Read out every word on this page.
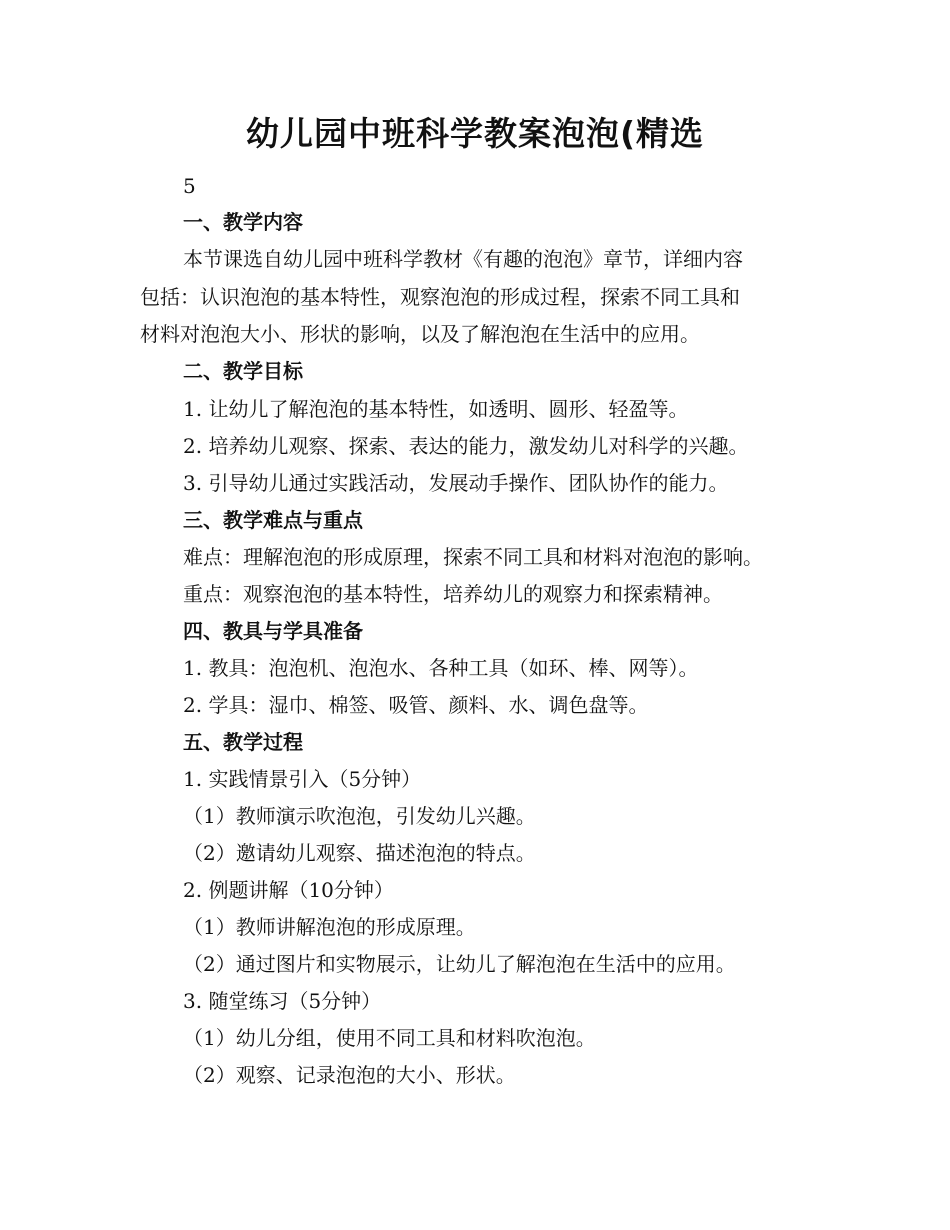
幼儿园中班科学教案泡泡(精选
5
一、教学内容
本节课选自幼儿园中班科学教材《有趣的泡泡》章节，详细内容
包括：认识泡泡的基本特性，观察泡泡的形成过程，探索不同工具和
材料对泡泡大小、形状的影响，以及了解泡泡在生活中的应用。
二、教学目标
1. 让幼儿了解泡泡的基本特性，如透明、圆形、轻盈等。
2. 培养幼儿观察、探索、表达的能力，激发幼儿对科学的兴趣。
3. 引导幼儿通过实践活动，发展动手操作、团队协作的能力。
三、教学难点与重点
难点：理解泡泡的形成原理，探索不同工具和材料对泡泡的影响。
重点：观察泡泡的基本特性，培养幼儿的观察力和探索精神。
四、教具与学具准备
1. 教具：泡泡机、泡泡水、各种工具（如环、棒、网等）。
2. 学具：湿巾、棉签、吸管、颜料、水、调色盘等。
五、教学过程
1. 实践情景引入（5分钟）
（1）教师演示吹泡泡，引发幼儿兴趣。
（2）邀请幼儿观察、描述泡泡的特点。
2. 例题讲解（10分钟）
（1）教师讲解泡泡的形成原理。
（2）通过图片和实物展示，让幼儿了解泡泡在生活中的应用。
3. 随堂练习（5分钟）
（1）幼儿分组，使用不同工具和材料吹泡泡。
（2）观察、记录泡泡的大小、形状。
